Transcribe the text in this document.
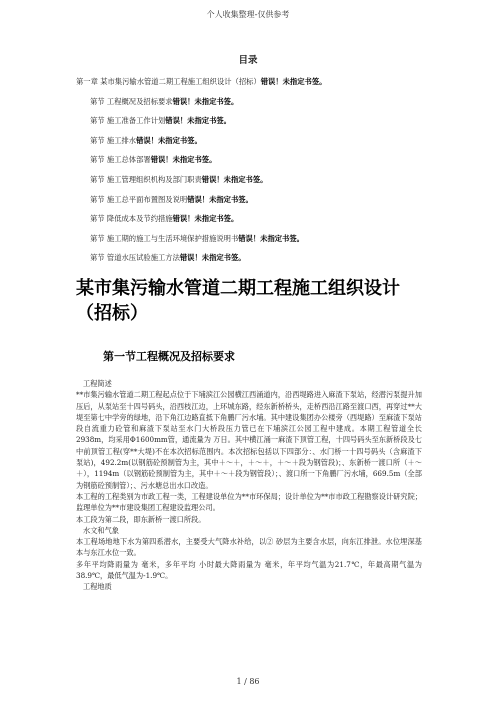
个人收集整理-仅供参考
目录
第一章 某市集污输水管道二期工程施工组织设计（招标）错误！未指定书签。
第节 工程概况及招标要求错误！未指定书签。
第节 施工准备工作计划错误！未指定书签。
第节 施工排水错误！未指定书签。
第节 施工总体部署错误！未指定书签。
第节 施工管理组织机构及部门职责错误！未指定书签。
第节 施工总平面布置图及说明错误！未指定书签。
第节 降低成本及节约措施错误！未指定书签。
第节 施工期的施工与生活环境保护措施说明书错误！未指定书签。
第节 管道水压试验施工方法错误！未指定书签。
某市集污输水管道二期工程施工组织设计（招标）
第一节工程概况及招标要求

工程简述

**市集污输水管道二期工程起点位于下埔滨江公园横江西涌道内，沿西堤路进入麻渣下泵站，经潜污泵提升加压后，从泵站至十四号码头，沿西枝江边，上环城东路，经东新桥桥头，走桥西沿江路至渡口西，再穿过**大堤至第七中学旁的绿地，沿下角江边路直抵下角鹏厂污水埔。其中建设集团办公楼旁（西堤路）至麻渣下泵站段自流重力砼管和麻渣下泵站至水门大桥段压力管已在下埔滨江公园工程中建成。本期工程管道全长2938m，均采用Φ1600mm管，通流量为 万日。其中横江涌一麻渣下顶管工程，十四号码头至东新桥段及七中前顶管工程(穿**大堤)不在本次招标范围内。本次招标包括以下四部分：、水门桥一十四号码头（含麻渣下泵站)，492.2m(以钢筋砼预制管为主，其中＋～＋，＋～＋，＋～＋段为钢管段)；、东新桥一渡口所（＋～＋），1194m（以钢筋砼预制管为主，其中＋～＋段为钢管段）；、渡口所一下角鹏厂污水埔，669.5m（全部为钢筋砼预制管）；、污水塘总出水口改造。

本工程的工程类别为市政工程一类，工程建设单位为**市环保局；设计单位为**市市政工程勘察设计研究院；监理单位为**市建设集团工程建设监理公司。

本工段为第二段，即东新桥一渡口所段。

水文和气象

本工程场地地下水为第四系潜水，主要受大气降水补给，以② 砂层为主要含水层，向东江排泄。水位埋深基本与东江水位一致。

多年平均降雨量为 毫米，多年平均 小时最大降雨量为 毫米，年平均气温为21.7℃，年最高期气温为38.9℃，最低气温为-1.9℃。

工程地质

1 / 86
